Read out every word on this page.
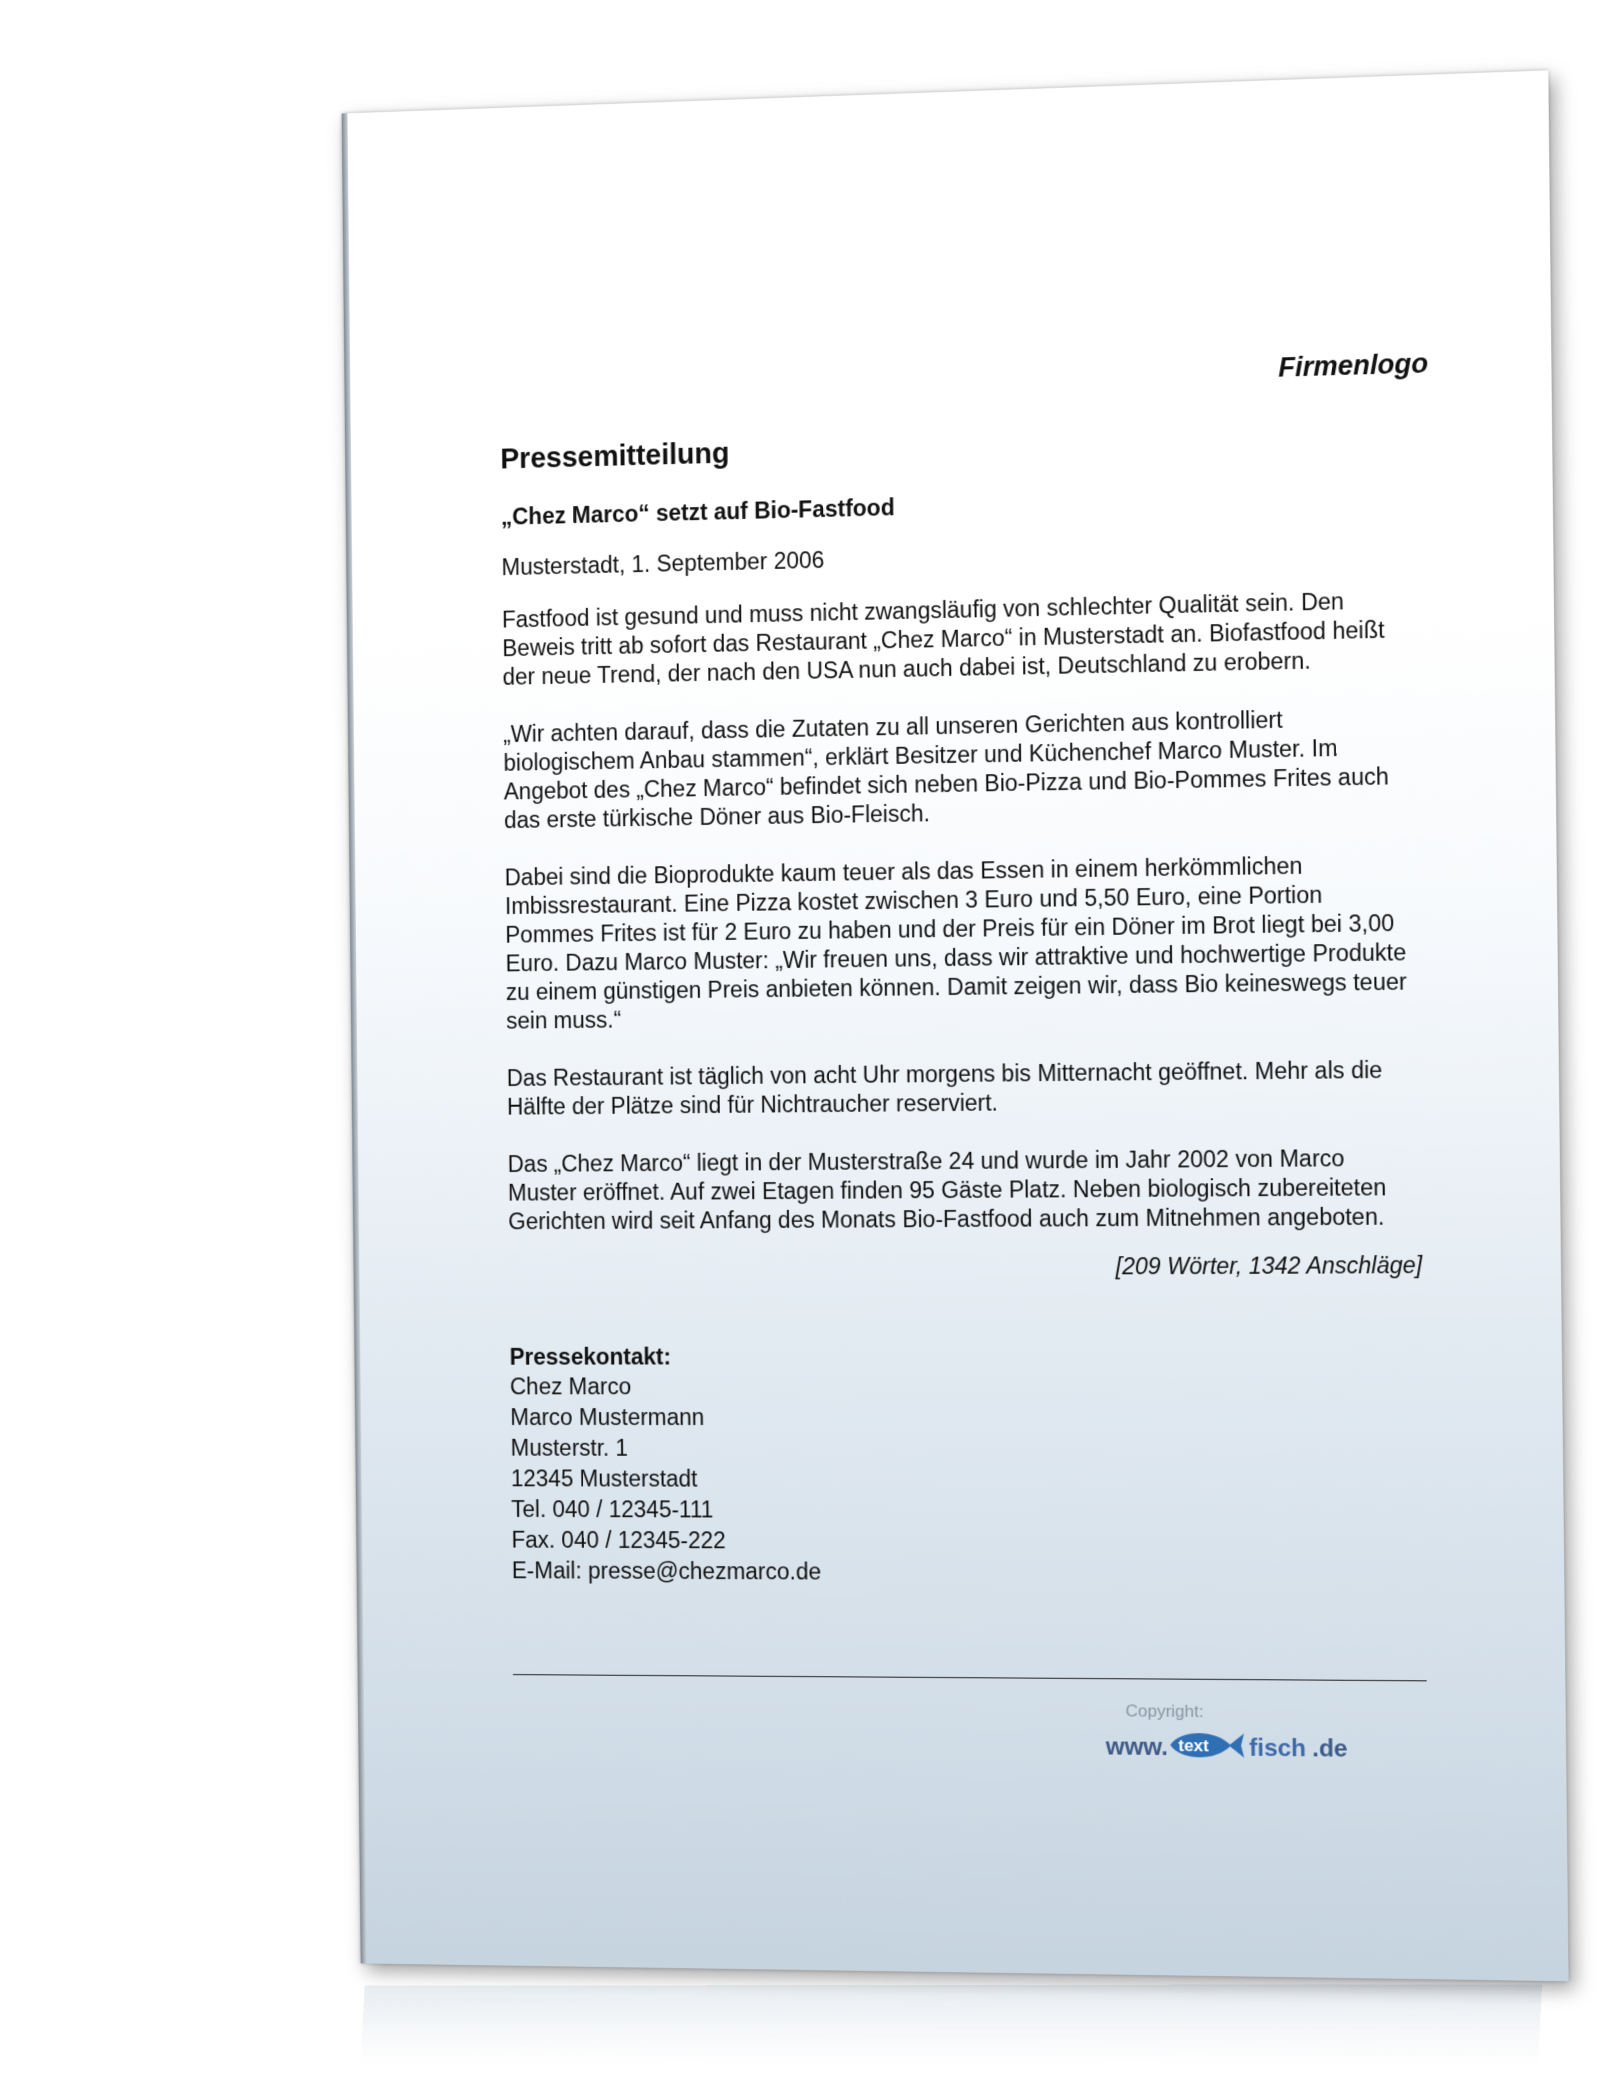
Firmenlogo
Pressemitteilung

„Chez Marco“ setzt auf Bio-Fastfood

Musterstadt, 1. September 2006

Fastfood ist gesund und muss nicht zwangsläufig von schlechter Qualität sein. Den Beweis tritt ab sofort das Restaurant „Chez Marco“ in Musterstadt an. Biofastfood heißt der neue Trend, der nach den USA nun auch dabei ist, Deutschland zu erobern.

„Wir achten darauf, dass die Zutaten zu all unseren Gerichten aus kontrolliert biologischem Anbau stammen“, erklärt Besitzer und Küchenchef Marco Muster. Im Angebot des „Chez Marco“ befindet sich neben Bio-Pizza und Bio-Pommes Frites auch das erste türkische Döner aus Bio-Fleisch.

Dabei sind die Bioprodukte kaum teuer als das Essen in einem herkömmlichen Imbissrestaurant. Eine Pizza kostet zwischen 3 Euro und 5,50 Euro, eine Portion Pommes Frites ist für 2 Euro zu haben und der Preis für ein Döner im Brot liegt bei 3,00 Euro. Dazu Marco Muster: „Wir freuen uns, dass wir attraktive und hochwertige Produkte zu einem günstigen Preis anbieten können. Damit zeigen wir, dass Bio keineswegs teuer sein muss.“

Das Restaurant ist täglich von acht Uhr morgens bis Mitternacht geöffnet. Mehr als die Hälfte der Plätze sind für Nichtraucher reserviert.

Das „Chez Marco“ liegt in der Musterstraße 24 und wurde im Jahr 2002 von Marco Muster eröffnet. Auf zwei Etagen finden 95 Gäste Platz. Neben biologisch zubereiteten Gerichten wird seit Anfang des Monats Bio-Fastfood auch zum Mitnehmen angeboten.

[209 Wörter, 1342 Anschläge]

Pressekontakt:

Chez Marco

Marco Mustermann

Musterstr. 1

12345 Musterstadt

Tel. 040 / 12345-111

Fax. 040 / 12345-222

E-Mail: presse@chezmarco.de

Copyright:
www. text fisch .de
